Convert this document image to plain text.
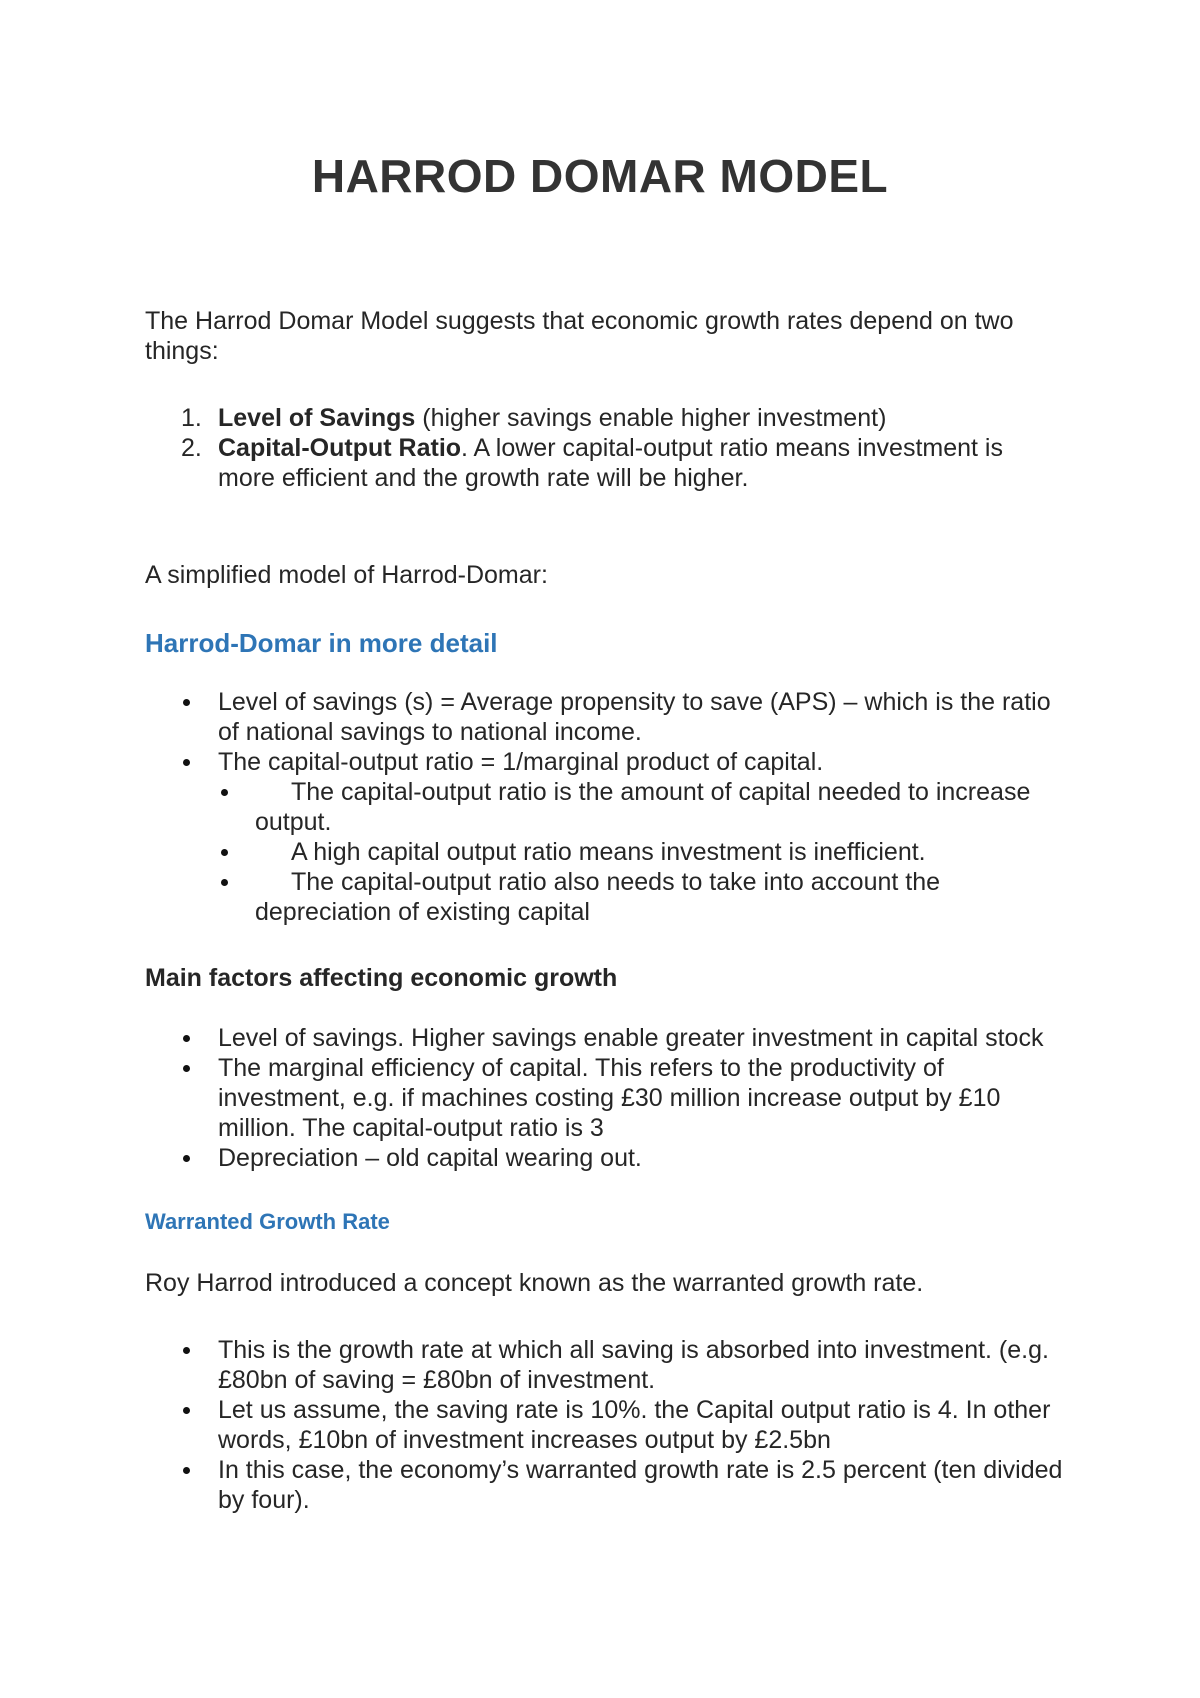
HARROD DOMAR MODEL

The Harrod Domar Model suggests that economic growth rates depend on two things:

1. Level of Savings (higher savings enable higher investment)
2. Capital-Output Ratio. A lower capital-output ratio means investment is more efficient and the growth rate will be higher.

A simplified model of Harrod-Domar:

Harrod-Domar in more detail
Level of savings (s) = Average propensity to save (APS) – which is the ratio of national savings to national income.
The capital-output ratio = 1/marginal product of capital.
The capital-output ratio is the amount of capital needed to increase output.
A high capital output ratio means investment is inefficient.
The capital-output ratio also needs to take into account the depreciation of existing capital
Main factors affecting economic growth
Level of savings. Higher savings enable greater investment in capital stock
The marginal efficiency of capital. This refers to the productivity of investment, e.g. if machines costing £30 million increase output by £10 million. The capital-output ratio is 3
Depreciation – old capital wearing out.
Warranted Growth Rate

Roy Harrod introduced a concept known as the warranted growth rate.

This is the growth rate at which all saving is absorbed into investment. (e.g. £80bn of saving = £80bn of investment.
Let us assume, the saving rate is 10%. the Capital output ratio is 4. In other words, £10bn of investment increases output by £2.5bn
In this case, the economy’s warranted growth rate is 2.5 percent (ten divided by four).
